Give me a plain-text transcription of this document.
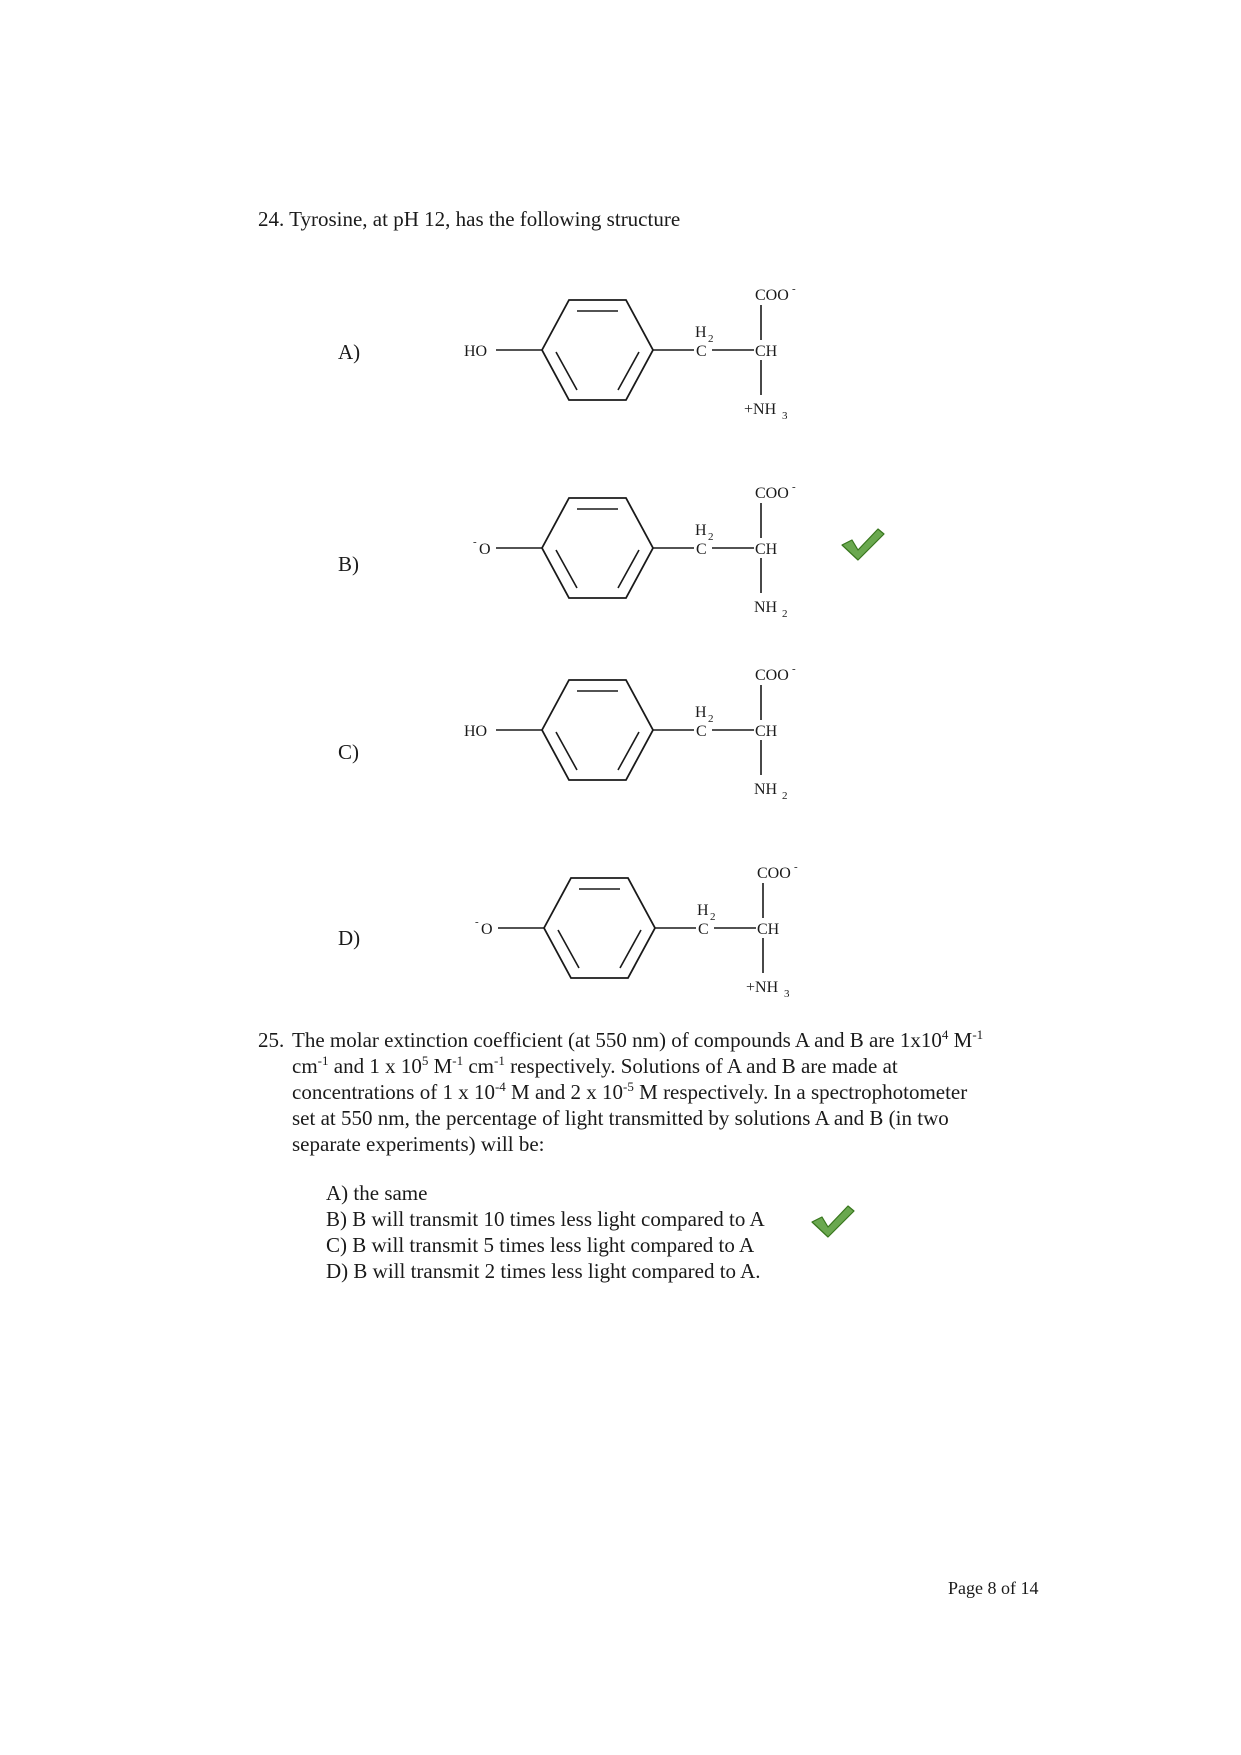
24. Tyrosine, at pH 12, has the following structure
A)
B)
C)
D)
HO
H 2
C	CH
COO -
+NH 3
- O
H 2
C	CH
COO -
NH 2
HO
H 2
C	CH
COO -
NH 2
- O
H 2
C	CH
COO -
+NH 3
25. The molar extinction coefficient (at 550 nm) of compounds A and B are $1x10^4$ $M^{-1}$
$cm^{-1}$ and 1 x $10^5$ $M^{-1}$ $cm^{-1}$ respectively. Solutions of A and B are made at
concentrations of 1 x $10^{-4}$ M and 2 x $10^{-5}$ M respectively. In a spectrophotometer
set at 550 nm, the percentage of light transmitted by solutions A and B (in two
separate experiments) will be:
A) the same
B) B will transmit 10 times less light compared to A
C) B will transmit 5 times less light compared to A
D) B will transmit 2 times less light compared to A.
Page 8 of 14
